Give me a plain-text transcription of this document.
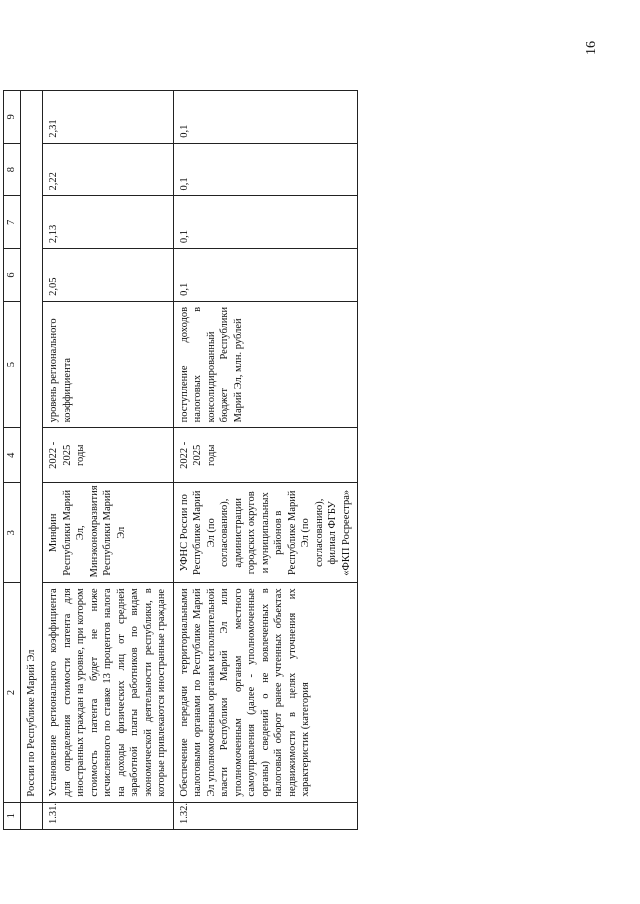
16
1	2	3	4	5	6	7	8	9
	России по Республике Марий Эл							
1.31.	Установление регионального коэффициента для определения стоимости патента для иностранных граждан на уровне, при котором стоимость патента будет не ниже исчисленного по ставке 13 процентов налога на доходы физических лиц от средней заработной платы работников по видам экономической деятельности республики, в которые привлекаются иностранные граждане	Минфин Республики Марий Эл, Минэкономразвития Республики Марий Эл	2022 - 2025 годы	уровень регионального коэффициента	2,05	2,13	2,22	2,31
1.32.	Обеспечение передачи территориальными налоговыми органами по Республике Марий Эл уполномоченным органам исполнительной власти Республики Марий Эл или уполномоченным органам местного самоуправления (далее - уполномоченные органы) сведений о не вовлеченных в налоговый оборот ранее учтенных объектах недвижимости в целях уточнения их характеристик (категория	УФНС России по Республике Марий Эл (по согласованию), администрации городских округов и муниципальных районов в Республике Марий Эл (по согласованию), филиал ФГБУ «ФКП Росреестра»	2022 - 2025 годы	поступление доходов налоговых в консолидированный бюджет Республики Марий Эл, млн. рублей	0,1	0,1	0,1	0,1
